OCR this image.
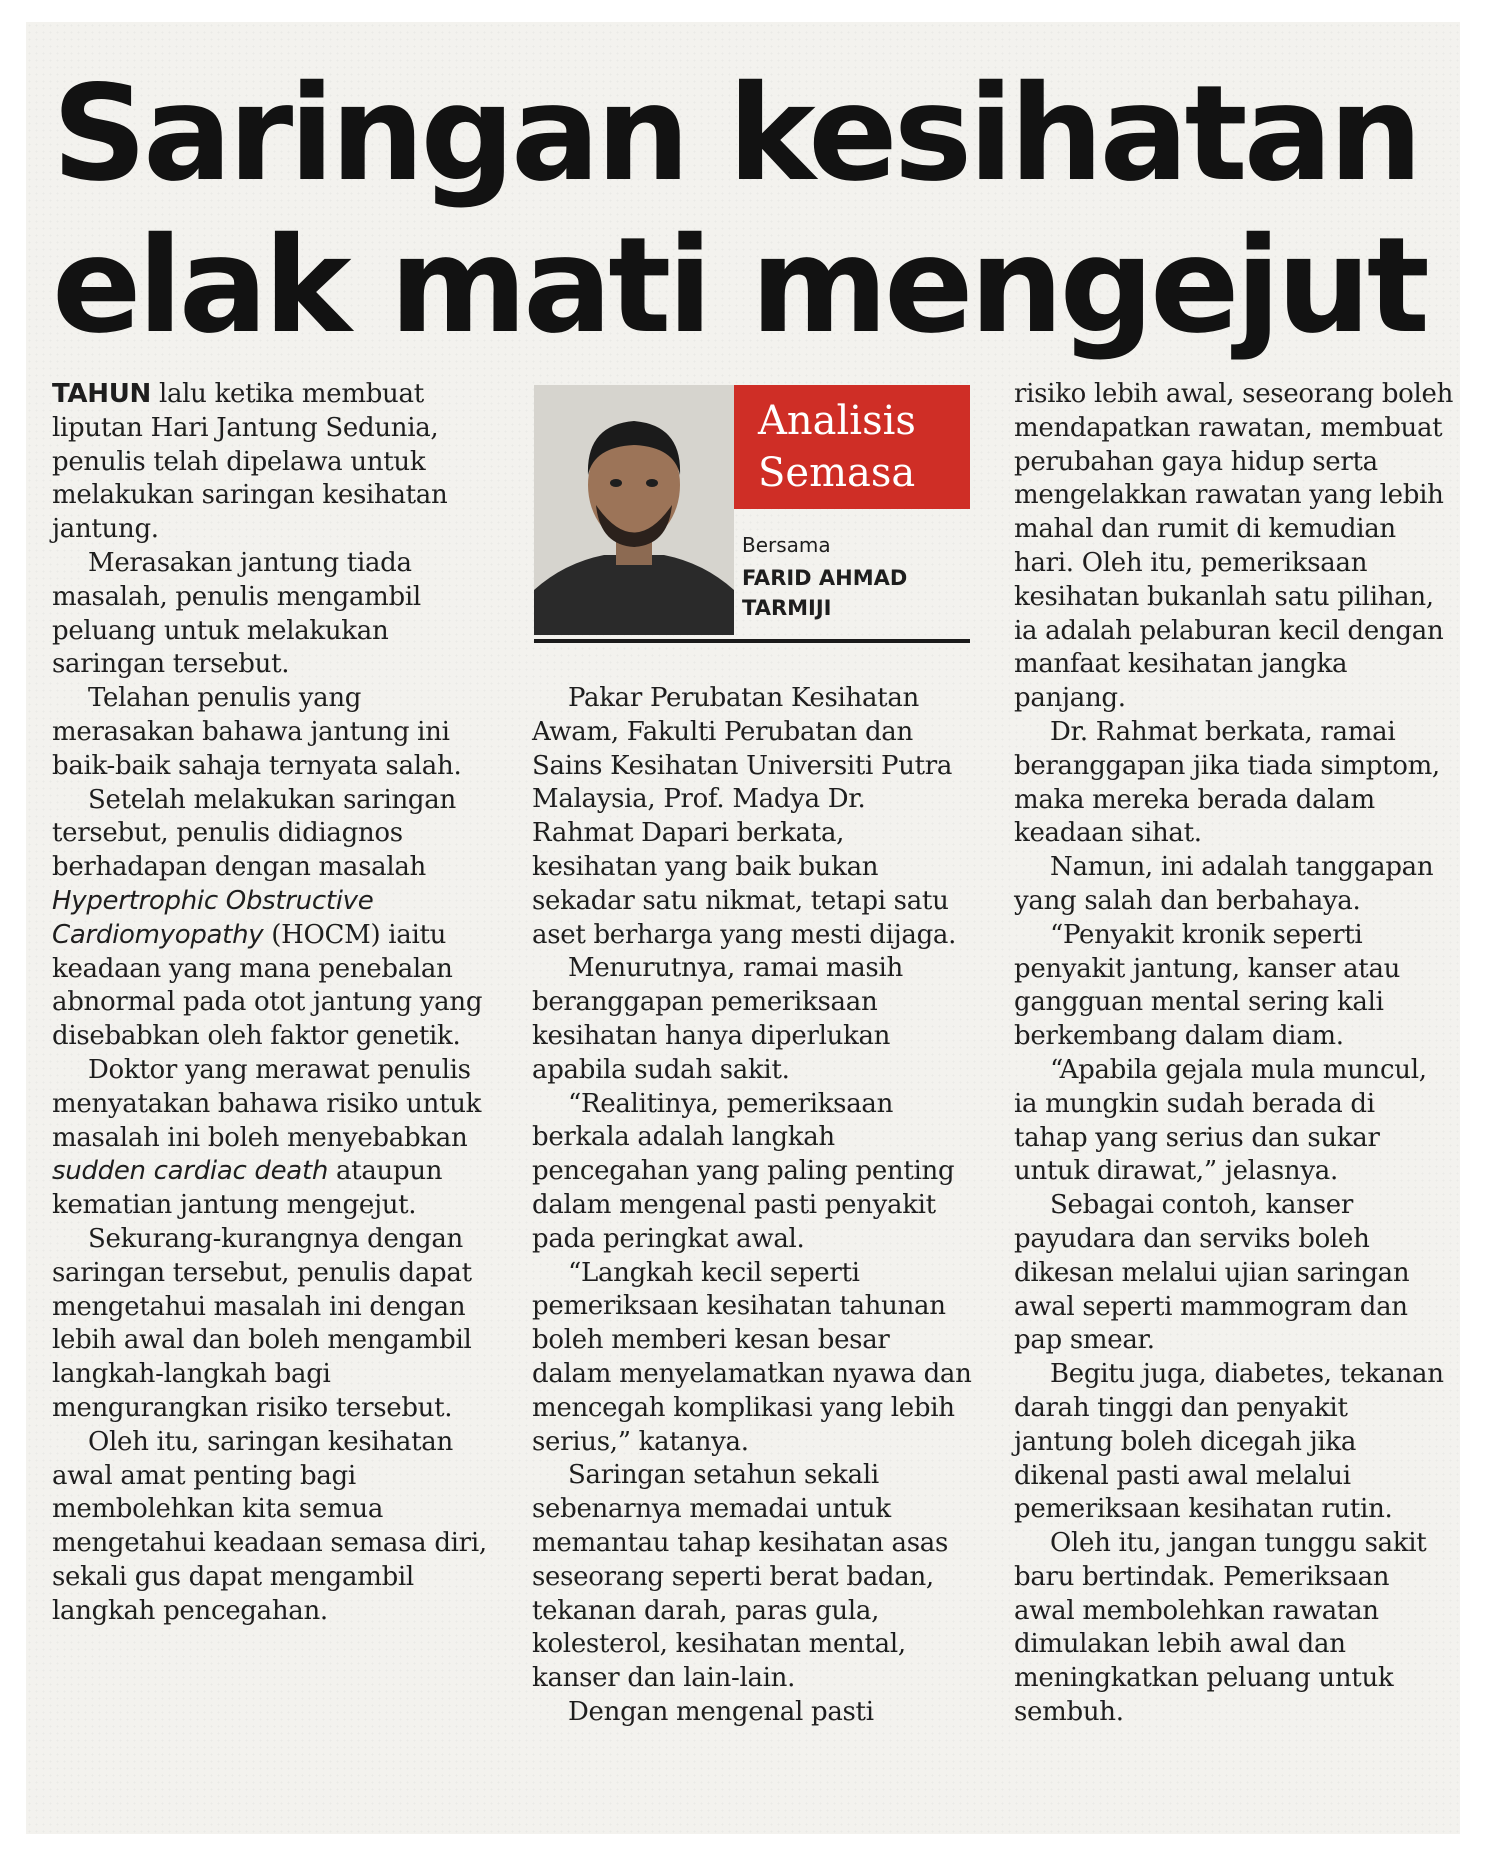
Saringan kesihatan
elak mati mengejut

TAHUN lalu ketika membuat liputan Hari Jantung Sedunia, penulis telah dipelawa untuk melakukan saringan kesihatan jantung.

Merasakan jantung tiada masalah, penulis mengambil peluang untuk melakukan saringan tersebut.

Telahan penulis yang merasakan bahawa jantung ini baik-baik sahaja ternyata salah.

Setelah melakukan saringan tersebut, penulis didiagnos berhadapan dengan masalah Hypertrophic Obstructive Cardiomyopathy (HOCM) iaitu keadaan yang mana penebalan abnormal pada otot jantung yang disebabkan oleh faktor genetik.

Doktor yang merawat penulis menyatakan bahawa risiko untuk masalah ini boleh menyebabkan sudden cardiac death ataupun kematian jantung mengejut.

Sekurang-kurangnya dengan saringan tersebut, penulis dapat mengetahui masalah ini dengan lebih awal dan boleh mengambil langkah-langkah bagi mengurangkan risiko tersebut.

Oleh itu, saringan kesihatan awal amat penting bagi membolehkan kita semua mengetahui keadaan semasa diri, sekali gus dapat mengambil langkah pencegahan.

Analisis
Semasa
Bersama
FARID AHMAD
TARMIJI

Pakar Perubatan Kesihatan Awam, Fakulti Perubatan dan Sains Kesihatan Universiti Putra Malaysia, Prof. Madya Dr. Rahmat Dapari berkata, kesihatan yang baik bukan sekadar satu nikmat, tetapi satu aset berharga yang mesti dijaga.

Menurutnya, ramai masih beranggapan pemeriksaan kesihatan hanya diperlukan apabila sudah sakit.

“Realitinya, pemeriksaan berkala adalah langkah pencegahan yang paling penting dalam mengenal pasti penyakit pada peringkat awal.

“Langkah kecil seperti pemeriksaan kesihatan tahunan boleh memberi kesan besar dalam menyelamatkan nyawa dan mencegah komplikasi yang lebih serius,” katanya.

Saringan setahun sekali sebenarnya memadai untuk memantau tahap kesihatan asas seseorang seperti berat badan, tekanan darah, paras gula, kolesterol, kesihatan mental, kanser dan lain-lain.

Dengan mengenal pasti

risiko lebih awal, seseorang boleh mendapatkan rawatan, membuat perubahan gaya hidup serta mengelakkan rawatan yang lebih mahal dan rumit di kemudian hari. Oleh itu, pemeriksaan kesihatan bukanlah satu pilihan, ia adalah pelaburan kecil dengan manfaat kesihatan jangka panjang.

Dr. Rahmat berkata, ramai beranggapan jika tiada simptom, maka mereka berada dalam keadaan sihat.

Namun, ini adalah tanggapan yang salah dan berbahaya.

“Penyakit kronik seperti penyakit jantung, kanser atau gangguan mental sering kali berkembang dalam diam.

“Apabila gejala mula muncul, ia mungkin sudah berada di tahap yang serius dan sukar untuk dirawat,” jelasnya.

Sebagai contoh, kanser payudara dan serviks boleh dikesan melalui ujian saringan awal seperti mammogram dan pap smear.

Begitu juga, diabetes, tekanan darah tinggi dan penyakit jantung boleh dicegah jika dikenal pasti awal melalui pemeriksaan kesihatan rutin.

Oleh itu, jangan tunggu sakit baru bertindak. Pemeriksaan awal membolehkan rawatan dimulakan lebih awal dan meningkatkan peluang untuk sembuh.
